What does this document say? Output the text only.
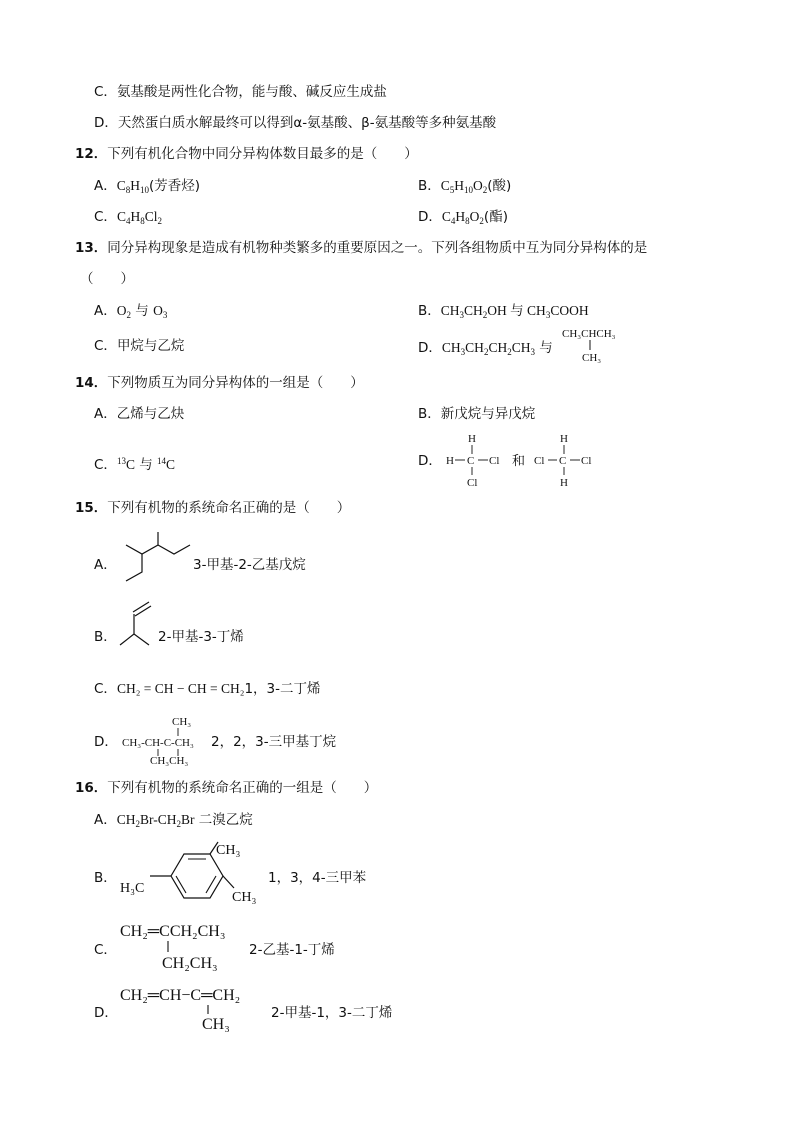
C．氨基酸是两性化合物，能与酸、碱反应生成盐
D．天然蛋白质水解最终可以得到α-氨基酸、β-氨基酸等多种氨基酸
12．下列有机化合物中同分异构体数目最多的是（　　）
A．$C_8H_{10}$(芳香烃)	B．$C_5H_{10}O_2$(酸)
C．$C_4H_8Cl_2$	D．$C_4H_8O_2$(酯)
13．同分异构现象是造成有机物种类繁多的重要原因之一。下列各组物质中互为同分异构体的是
（　　）
A．$O_2$ 与 $O_3$	B．$CH_3CH_2OH$ 与 $CH_3COOH$
C．甲烷与乙烷	D．$CH_3CH_2CH_2CH_3$ 与
CH₃CHCH₃
CH₃
14．下列物质互为同分异构体的一组是（　　）
A．乙烯与乙炔	B．新戊烷与异戊烷
C．$^{13}$C 与 $^{14}$C	D．
H
H C Cl
Cl
和
H
Cl C Cl
H
15．下列有机物的系统命名正确的是（　　）
A．	3-甲基-2-乙基戊烷
B．	2-甲基-3-丁烯
C．CH₂ = CH − CH = CH₂1，3-二丁烯
D．
CH₃
CH₃-CH-C-CH₃
CH₃CH₃
2，2，3-三甲基丁烷
16．下列有机物的系统命名正确的一组是（　　）
A．$CH_2Br-CH_2Br$ 二溴乙烷
B．
CH₃
H₃C
CH₃
1，3，4-三甲苯
C．
CH₂═CCH₂CH₃
CH₂CH₃
2-乙基-1-丁烯
D．
CH₂═CH−C═CH₂
CH₃
2-甲基-1，3-二丁烯
